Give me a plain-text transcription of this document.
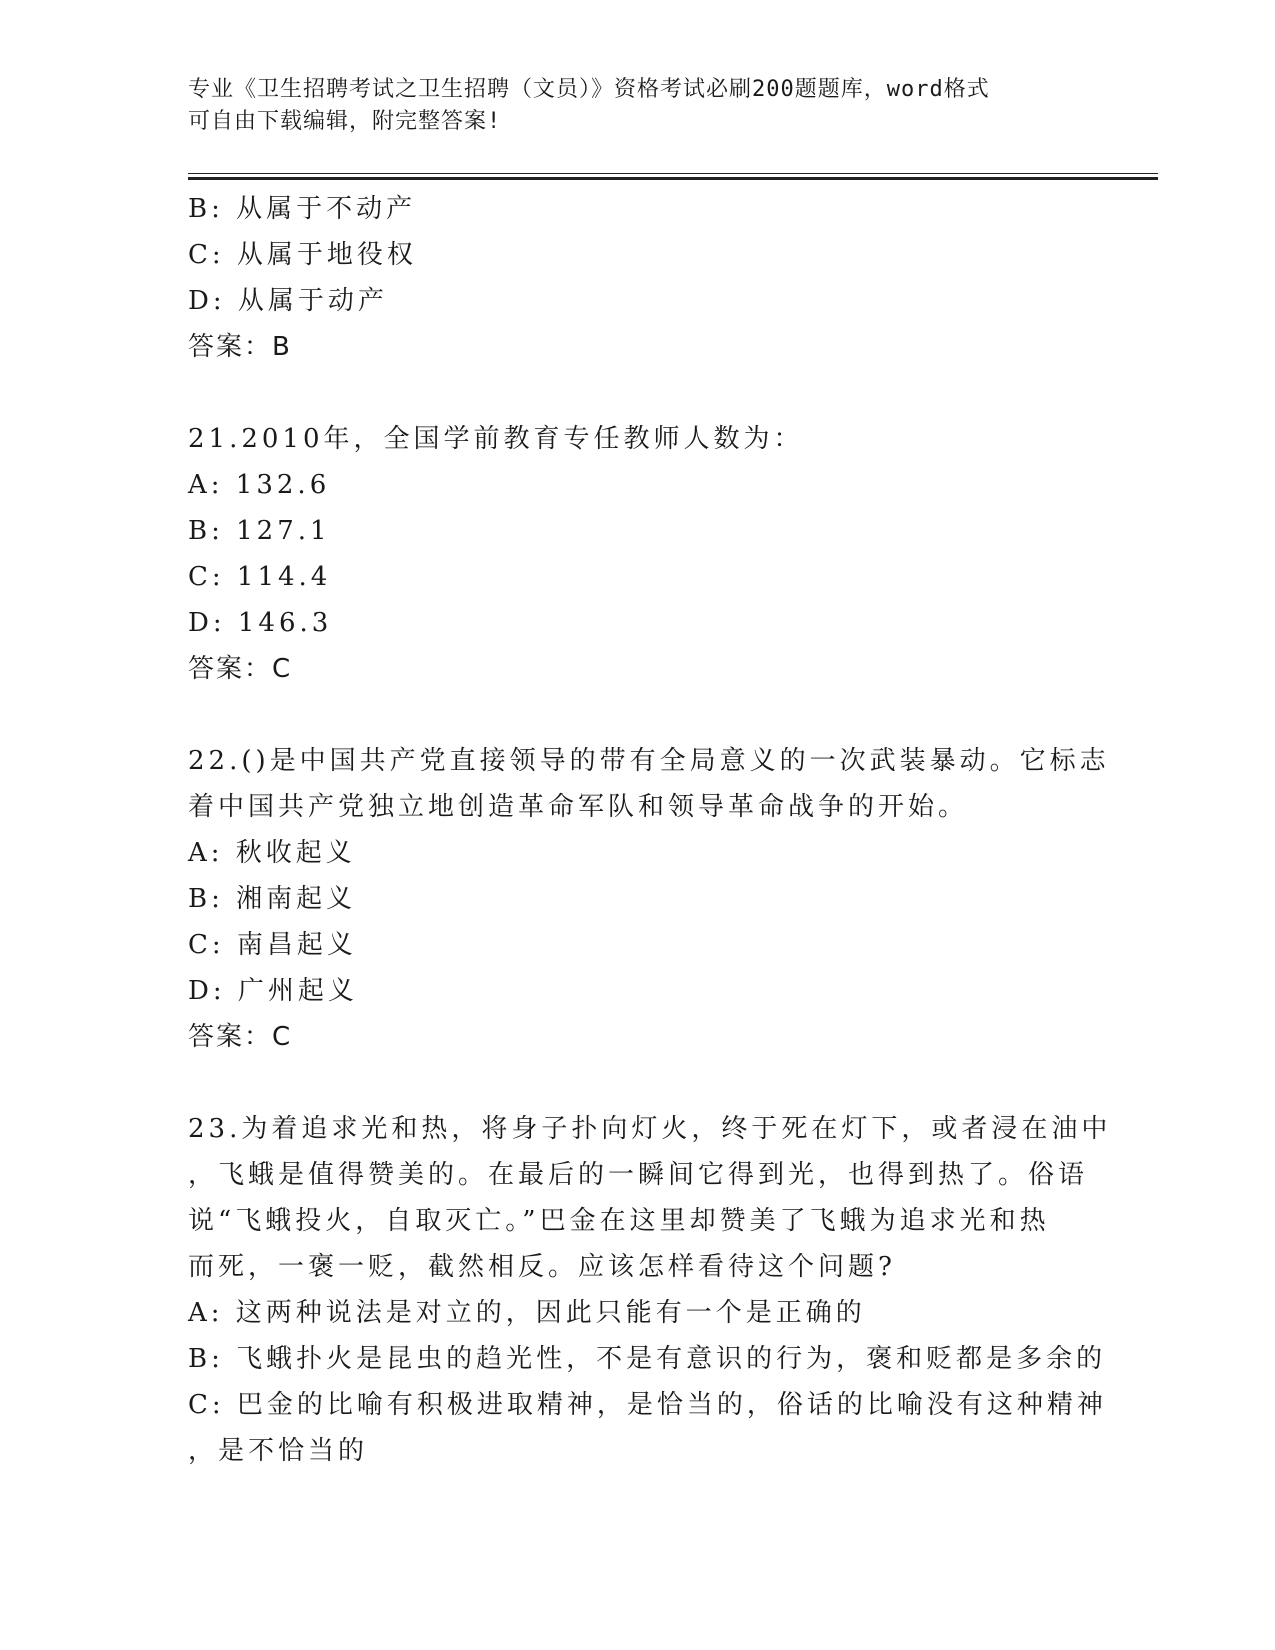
专业《卫生招聘考试之卫生招聘（文员）》资格考试必刷200题题库，word格式
可自由下载编辑，附完整答案!
B: 从属于不动产
C: 从属于地役权
D: 从属于动产
答案：B
21.2010年，全国学前教育专任教师人数为：
A: 132.6
B: 127.1
C: 114.4
D: 146.3
答案：C
22.()是中国共产党直接领导的带有全局意义的一次武装暴动。它标志
着中国共产党独立地创造革命军队和领导革命战争的开始。
A: 秋收起义
B: 湘南起义
C: 南昌起义
D: 广州起义
答案：C
23.为着追求光和热，将身子扑向灯火，终于死在灯下，或者浸在油中
，飞蛾是值得赞美的。在最后的一瞬间它得到光，也得到热了。俗语
说“飞蛾投火，自取灭亡。”巴金在这里却赞美了飞蛾为追求光和热
而死，一褒一贬，截然相反。应该怎样看待这个问题?
A: 这两种说法是对立的，因此只能有一个是正确的
B: 飞蛾扑火是昆虫的趋光性，不是有意识的行为，褒和贬都是多余的
C: 巴金的比喻有积极进取精神，是恰当的，俗话的比喻没有这种精神
，是不恰当的
